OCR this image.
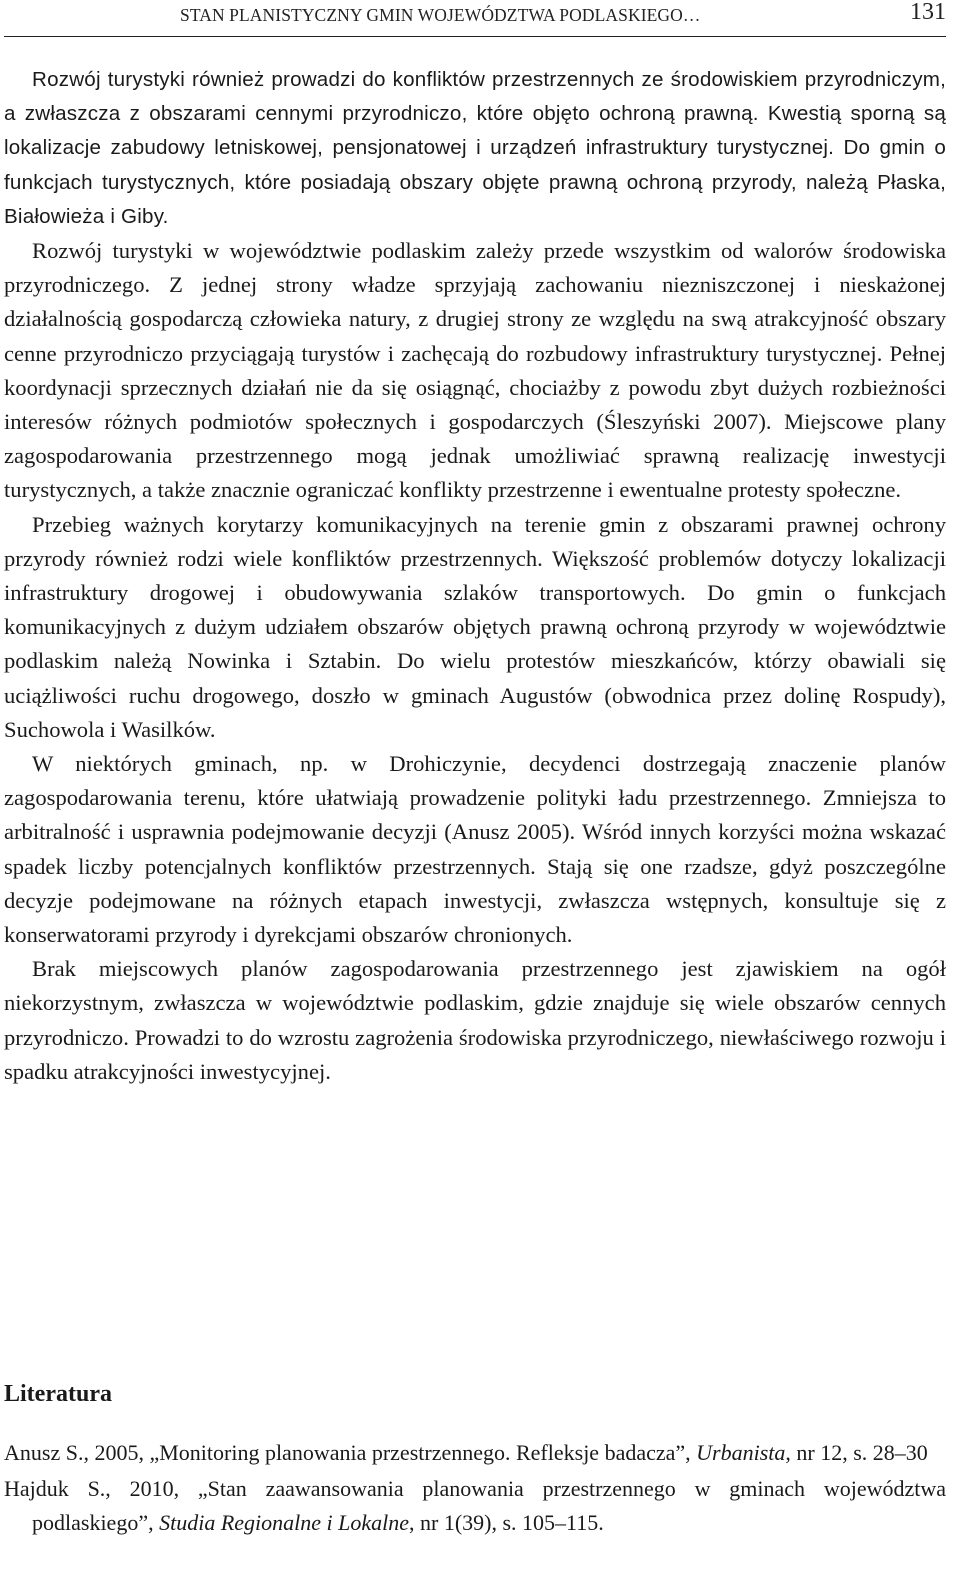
STAN PLANISTYCZNY GMIN WOJEWÓDZTWA PODLASKIEGO…	131

Rozwój turystyki również prowadzi do konfliktów przestrzennych ze środowiskiem przyrodniczym, a zwłaszcza z obszarami cennymi przyrodniczo, które objęto ochroną prawną. Kwestią sporną są lokalizacje zabudowy letniskowej, pensjonatowej i urządzeń infrastruktury turystycznej. Do gmin o funkcjach turystycznych, które posiadają obszary objęte prawną ochroną przyrody, należą Płaska, Białowieża i Giby.

Rozwój turystyki w województwie podlaskim zależy przede wszystkim od walorów środowiska przyrodniczego. Z jednej strony władze sprzyjają zachowaniu niezniszczonej i nieskażonej działalnością gospodarczą człowieka natury, z drugiej strony ze względu na swą atrakcyjność obszary cenne przyrodniczo przyciągają turystów i zachęcają do rozbudowy infrastruktury turystycznej. Pełnej koordynacji sprzecznych działań nie da się osiągnąć, chociażby z powodu zbyt dużych rozbieżności interesów różnych podmiotów społecznych i gospodarczych (Śleszyński 2007). Miejscowe plany zagospodarowania przestrzennego mogą jednak umożliwiać sprawną realizację inwestycji turystycznych, a także znacznie ograniczać konflikty przestrzenne i ewentualne protesty społeczne.

Przebieg ważnych korytarzy komunikacyjnych na terenie gmin z obszarami prawnej ochrony przyrody również rodzi wiele konfliktów przestrzennych. Większość problemów dotyczy lokalizacji infrastruktury drogowej i obudowywania szlaków transportowych. Do gmin o funkcjach komunikacyjnych z dużym udziałem obszarów objętych prawną ochroną przyrody w województwie podlaskim należą Nowinka i Sztabin. Do wielu protestów mieszkańców, którzy obawiali się uciążliwości ruchu drogowego, doszło w gminach Augustów (obwodnica przez dolinę Rospudy), Suchowola i Wasilków.

W niektórych gminach, np. w Drohiczynie, decydenci dostrzegają znaczenie planów zagospodarowania terenu, które ułatwiają prowadzenie polityki ładu przestrzennego. Zmniejsza to arbitralność i usprawnia podejmowanie decyzji (Anusz 2005). Wśród innych korzyści można wskazać spadek liczby potencjalnych konfliktów przestrzennych. Stają się one rzadsze, gdyż poszczególne decyzje podejmowane na różnych etapach inwestycji, zwłaszcza wstępnych, konsultuje się z konserwatorami przyrody i dyrekcjami obszarów chronionych.

Brak miejscowych planów zagospodarowania przestrzennego jest zjawiskiem na ogół niekorzystnym, zwłaszcza w województwie podlaskim, gdzie znajduje się wiele obszarów cennych przyrodniczo. Prowadzi to do wzrostu zagrożenia środowiska przyrodniczego, niewłaściwego rozwoju i spadku atrakcyjności inwestycyjnej.

Literatura
Anusz S., 2005, „Monitoring planowania przestrzennego. Refleksje badacza”, Urbanista, nr 12, s. 28–30
Hajduk S., 2010, „Stan zaawansowania planowania przestrzennego w gminach województwa podlaskiego”, Studia Regionalne i Lokalne, nr 1(39), s. 105–115.
